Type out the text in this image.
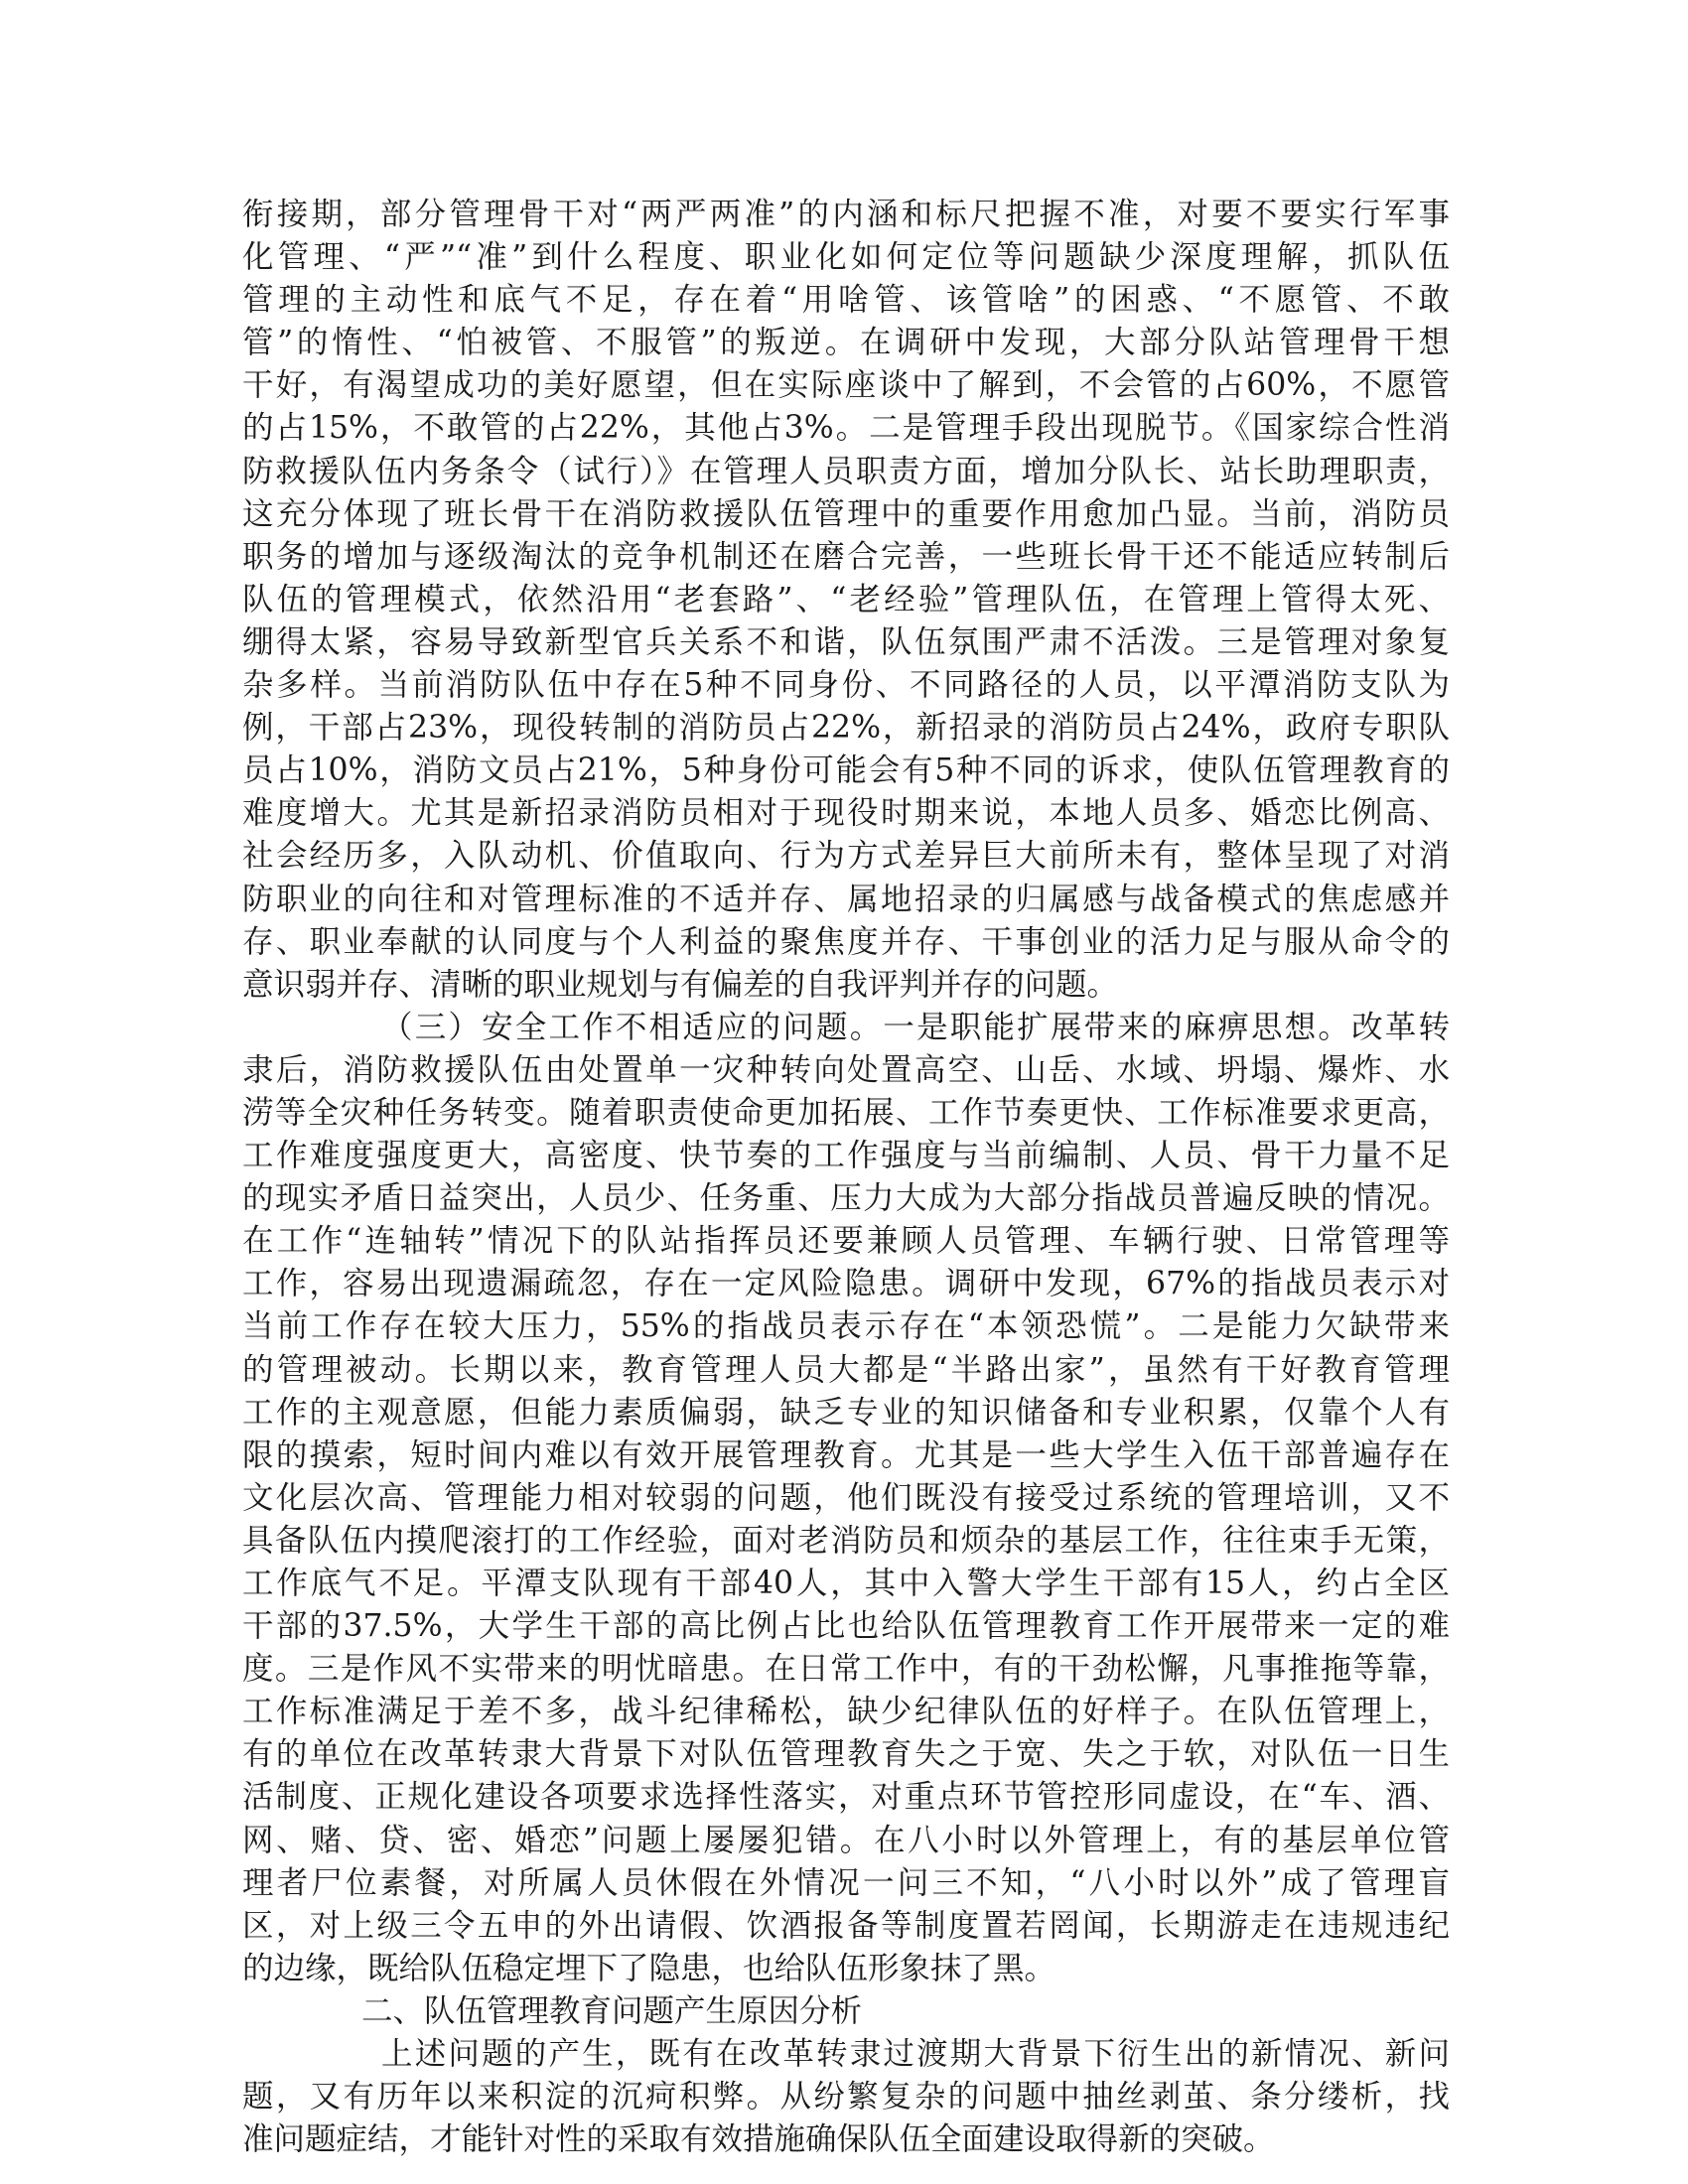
衔接期，部分管理骨干对“两严两准”的内涵和标尺把握不准，对要不要实行军事
化管理、“严”“准”到什么程度、职业化如何定位等问题缺少深度理解，抓队伍
管理的主动性和底气不足，存在着“用啥管、该管啥”的困惑、“不愿管、不敢
管”的惰性、“怕被管、不服管”的叛逆。在调研中发现，大部分队站管理骨干想
干好，有渴望成功的美好愿望，但在实际座谈中了解到，不会管的占60%，不愿管
的占15%，不敢管的占22%，其他占3%。二是管理手段出现脱节。《国家综合性消
防救援队伍内务条令（试行）》在管理人员职责方面，增加分队长、站长助理职责，
这充分体现了班长骨干在消防救援队伍管理中的重要作用愈加凸显。当前，消防员
职务的增加与逐级淘汰的竞争机制还在磨合完善，一些班长骨干还不能适应转制后
队伍的管理模式，依然沿用“老套路”、“老经验”管理队伍，在管理上管得太死、
绷得太紧，容易导致新型官兵关系不和谐，队伍氛围严肃不活泼。三是管理对象复
杂多样。当前消防队伍中存在5种不同身份、不同路径的人员，以平潭消防支队为
例，干部占23%，现役转制的消防员占22%，新招录的消防员占24%，政府专职队
员占10%，消防文员占21%，5种身份可能会有5种不同的诉求，使队伍管理教育的
难度增大。尤其是新招录消防员相对于现役时期来说，本地人员多、婚恋比例高、
社会经历多，入队动机、价值取向、行为方式差异巨大前所未有，整体呈现了对消
防职业的向往和对管理标准的不适并存、属地招录的归属感与战备模式的焦虑感并
存、职业奉献的认同度与个人利益的聚焦度并存、干事创业的活力足与服从命令的
意识弱并存、清晰的职业规划与有偏差的自我评判并存的问题。
（三）安全工作不相适应的问题。一是职能扩展带来的麻痹思想。改革转
隶后，消防救援队伍由处置单一灾种转向处置高空、山岳、水域、坍塌、爆炸、水
涝等全灾种任务转变。随着职责使命更加拓展、工作节奏更快、工作标准要求更高，
工作难度强度更大，高密度、快节奏的工作强度与当前编制、人员、骨干力量不足
的现实矛盾日益突出，人员少、任务重、压力大成为大部分指战员普遍反映的情况。
在工作“连轴转”情况下的队站指挥员还要兼顾人员管理、车辆行驶、日常管理等
工作，容易出现遗漏疏忽，存在一定风险隐患。调研中发现，67%的指战员表示对
当前工作存在较大压力，55%的指战员表示存在“本领恐慌”。二是能力欠缺带来
的管理被动。长期以来，教育管理人员大都是“半路出家”，虽然有干好教育管理
工作的主观意愿，但能力素质偏弱，缺乏专业的知识储备和专业积累，仅靠个人有
限的摸索，短时间内难以有效开展管理教育。尤其是一些大学生入伍干部普遍存在
文化层次高、管理能力相对较弱的问题，他们既没有接受过系统的管理培训，又不
具备队伍内摸爬滚打的工作经验，面对老消防员和烦杂的基层工作，往往束手无策，
工作底气不足。平潭支队现有干部40人，其中入警大学生干部有15人，约占全区
干部的37.5%，大学生干部的高比例占比也给队伍管理教育工作开展带来一定的难
度。三是作风不实带来的明忧暗患。在日常工作中，有的干劲松懈，凡事推拖等靠，
工作标准满足于差不多，战斗纪律稀松，缺少纪律队伍的好样子。在队伍管理上，
有的单位在改革转隶大背景下对队伍管理教育失之于宽、失之于软，对队伍一日生
活制度、正规化建设各项要求选择性落实，对重点环节管控形同虚设，在“车、酒、
网、赌、贷、密、婚恋”问题上屡屡犯错。在八小时以外管理上，有的基层单位管
理者尸位素餐，对所属人员休假在外情况一问三不知，“八小时以外”成了管理盲
区，对上级三令五申的外出请假、饮酒报备等制度置若罔闻，长期游走在违规违纪
的边缘，既给队伍稳定埋下了隐患，也给队伍形象抹了黑。
二、队伍管理教育问题产生原因分析
上述问题的产生，既有在改革转隶过渡期大背景下衍生出的新情况、新问
题，又有历年以来积淀的沉疴积弊。从纷繁复杂的问题中抽丝剥茧、条分缕析，找
准问题症结，才能针对性的采取有效措施确保队伍全面建设取得新的突破。
